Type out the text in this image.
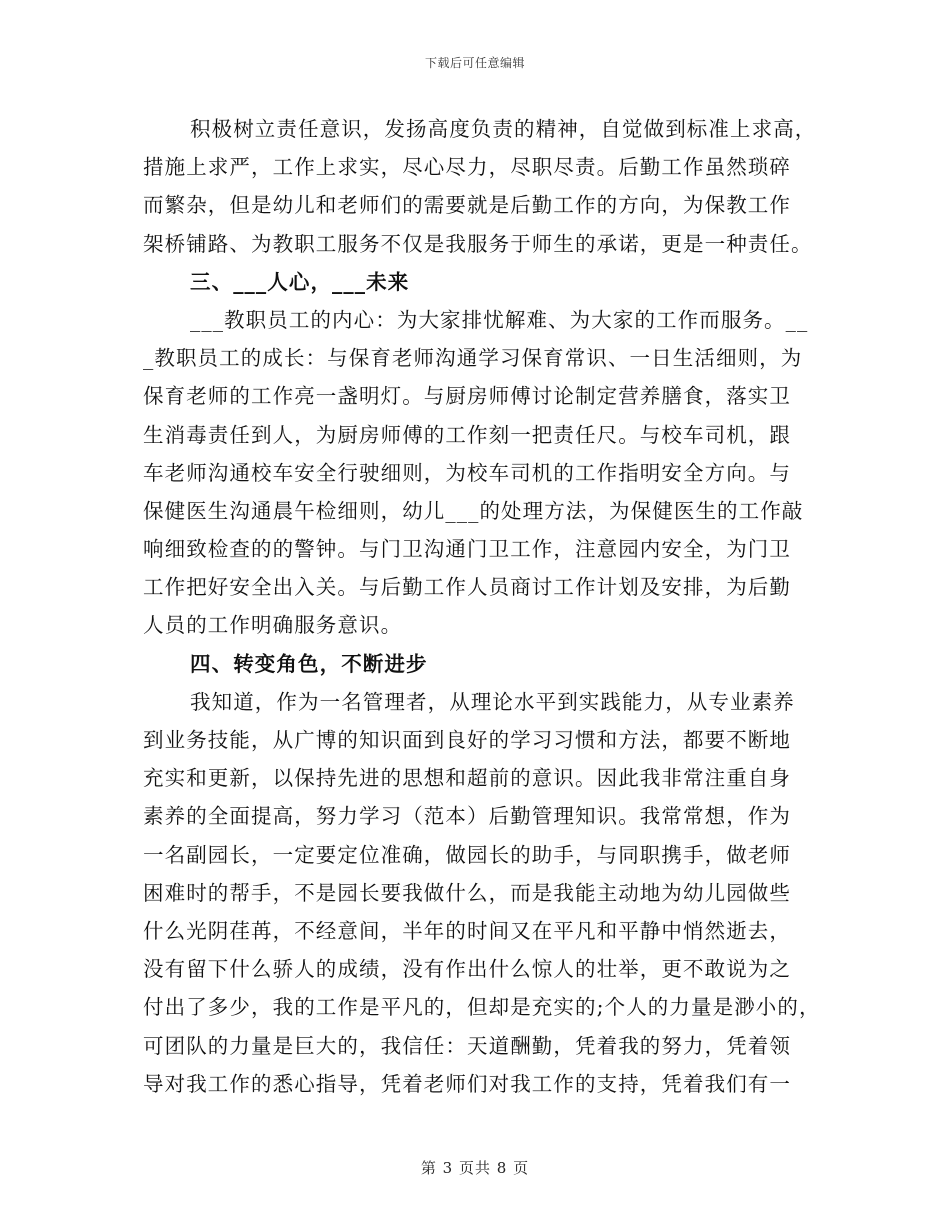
下载后可任意编辑
积极树立责任意识，发扬高度负责的精神，自觉做到标准上求高，
措施上求严，工作上求实，尽心尽力，尽职尽责。后勤工作虽然琐碎
而繁杂，但是幼儿和老师们的需要就是后勤工作的方向，为保教工作
架桥铺路、为教职工服务不仅是我服务于师生的承诺，更是一种责任。
三、___人心，___未来
___教职员工的内心：为大家排忧解难、为大家的工作而服务。__
_教职员工的成长：与保育老师沟通学习保育常识、一日生活细则，为
保育老师的工作亮一盏明灯。与厨房师傅讨论制定营养膳食，落实卫
生消毒责任到人，为厨房师傅的工作刻一把责任尺。与校车司机，跟
车老师沟通校车安全行驶细则，为校车司机的工作指明安全方向。与
保健医生沟通晨午检细则，幼儿___的处理方法，为保健医生的工作敲
响细致检查的的警钟。与门卫沟通门卫工作，注意园内安全，为门卫
工作把好安全出入关。与后勤工作人员商讨工作计划及安排，为后勤
人员的工作明确服务意识。
四、转变角色，不断进步
我知道，作为一名管理者，从理论水平到实践能力，从专业素养
到业务技能，从广博的知识面到良好的学习习惯和方法，都要不断地
充实和更新，以保持先进的思想和超前的意识。因此我非常注重自身
素养的全面提高，努力学习（范本）后勤管理知识。我常常想，作为
一名副园长，一定要定位准确，做园长的助手，与同职携手，做老师
困难时的帮手，不是园长要我做什么，而是我能主动地为幼儿园做些
什么光阴荏苒，不经意间，半年的时间又在平凡和平静中悄然逝去，
没有留下什么骄人的成绩，没有作出什么惊人的壮举，更不敢说为之
付出了多少，我的工作是平凡的，但却是充实的;个人的力量是渺小的，
可团队的力量是巨大的，我信任：天道酬勤，凭着我的努力，凭着领
导对我工作的悉心指导，凭着老师们对我工作的支持，凭着我们有一
第 3 页共 8 页
